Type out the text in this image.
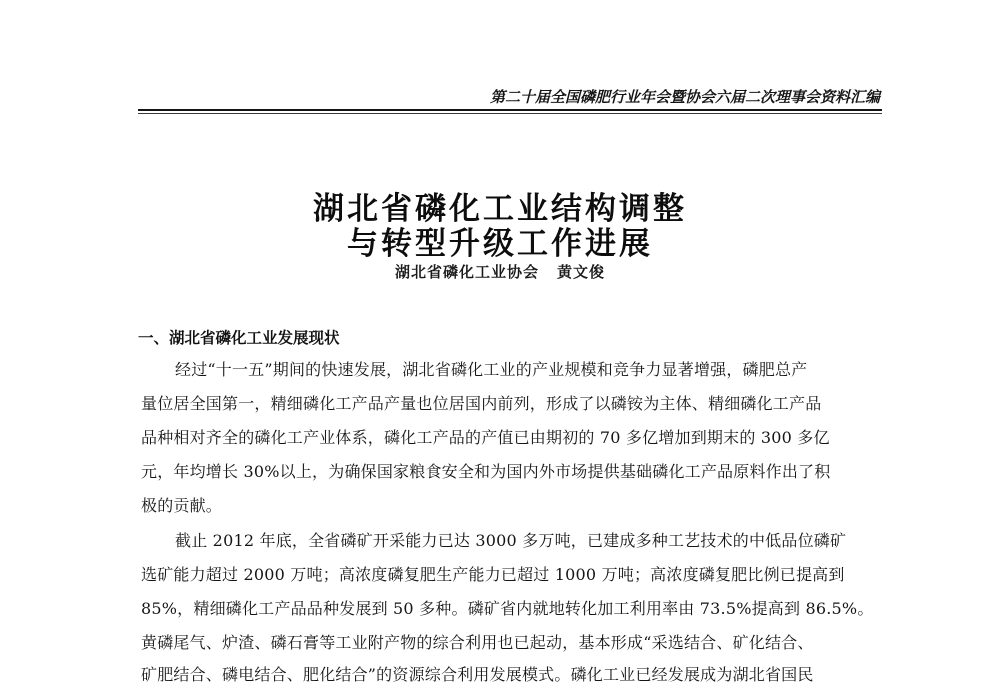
第二十届全国磷肥行业年会暨协会六届二次理事会资料汇编
湖北省磷化工业结构调整
与转型升级工作进展
湖北省磷化工业协会 黄文俊
一、湖北省磷化工业发展现状
经过“十一五”期间的快速发展，湖北省磷化工业的产业规模和竞争力显著增强，磷肥总产
量位居全国第一，精细磷化工产品产量也位居国内前列，形成了以磷铵为主体、精细磷化工产品
品种相对齐全的磷化工产业体系，磷化工产品的产值已由期初的 70 多亿增加到期末的 300 多亿
元，年均增长 30%以上，为确保国家粮食安全和为国内外市场提供基础磷化工产品原料作出了积
极的贡献。
截止 2012 年底，全省磷矿开采能力已达 3000 多万吨，已建成多种工艺技术的中低品位磷矿
选矿能力超过 2000 万吨；高浓度磷复肥生产能力已超过 1000 万吨；高浓度磷复肥比例已提高到
85%，精细磷化工产品品种发展到 50 多种。磷矿省内就地转化加工利用率由 73.5%提高到 86.5%。
黄磷尾气、炉渣、磷石膏等工业附产物的综合利用也已起动，基本形成“采选结合、矿化结合、
矿肥结合、磷电结合、肥化结合”的资源综合利用发展模式。磷化工业已经发展成为湖北省国民
